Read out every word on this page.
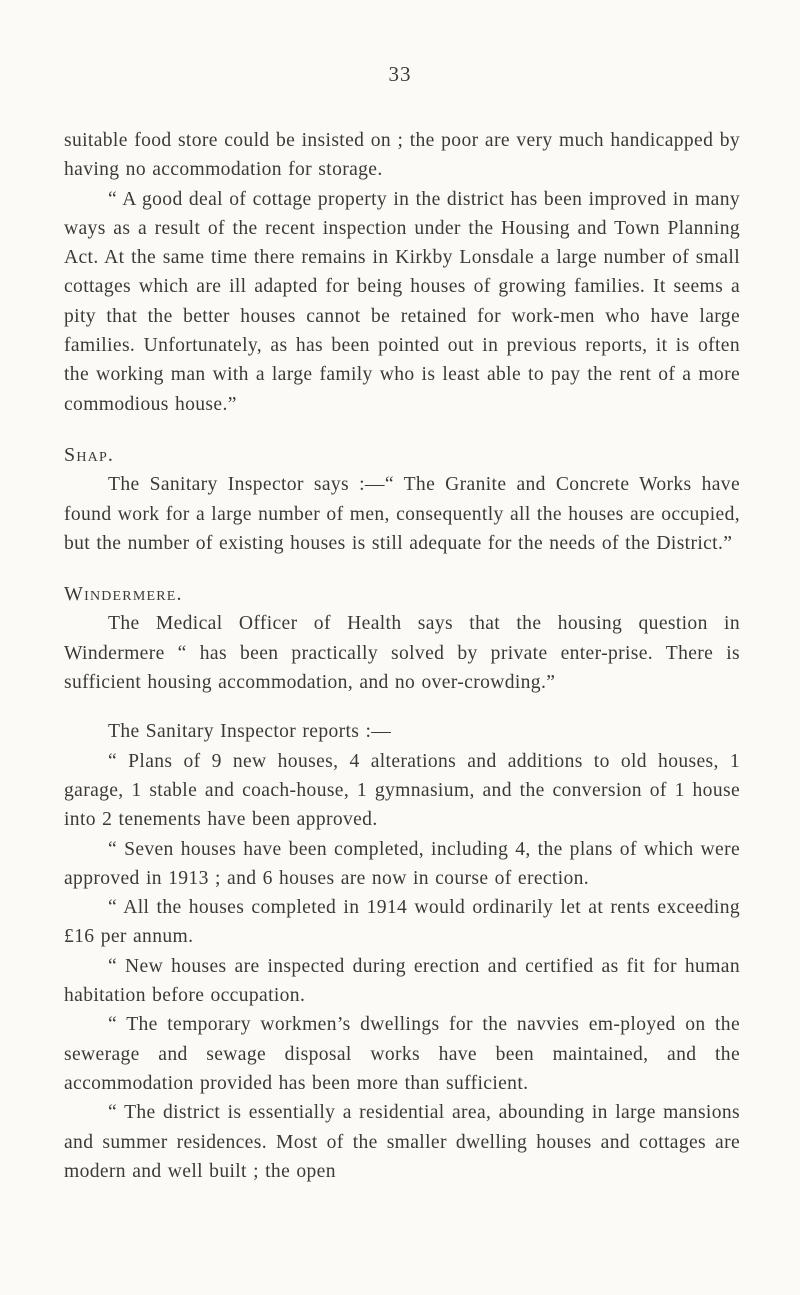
33

suitable food store could be insisted on ; the poor are very much handicapped by having no accommodation for storage.

“ A good deal of cottage property in the district has been improved in many ways as a result of the recent inspection under the Housing and Town Planning Act. At the same time there remains in Kirkby Lonsdale a large number of small cottages which are ill adapted for being houses of growing families. It seems a pity that the better houses cannot be retained for work-men who have large families. Unfortunately, as has been pointed out in previous reports, it is often the working man with a large family who is least able to pay the rent of a more commodious house.”

Shap.

The Sanitary Inspector says :—“ The Granite and Concrete Works have found work for a large number of men, consequently all the houses are occupied, but the number of existing houses is still adequate for the needs of the District.”

Windermere.

The Medical Officer of Health says that the housing question in Windermere “ has been practically solved by private enter-prise. There is sufficient housing accommodation, and no over-crowding.”

The Sanitary Inspector reports :—

“ Plans of 9 new houses, 4 alterations and additions to old houses, 1 garage, 1 stable and coach-house, 1 gymnasium, and the conversion of 1 house into 2 tenements have been approved.

“ Seven houses have been completed, including 4, the plans of which were approved in 1913 ; and 6 houses are now in course of erection.

“ All the houses completed in 1914 would ordinarily let at rents exceeding £16 per annum.

“ New houses are inspected during erection and certified as fit for human habitation before occupation.

“ The temporary workmen’s dwellings for the navvies em-ployed on the sewerage and sewage disposal works have been maintained, and the accommodation provided has been more than sufficient.

“ The district is essentially a residential area, abounding in large mansions and summer residences. Most of the smaller dwelling houses and cottages are modern and well built ; the open
